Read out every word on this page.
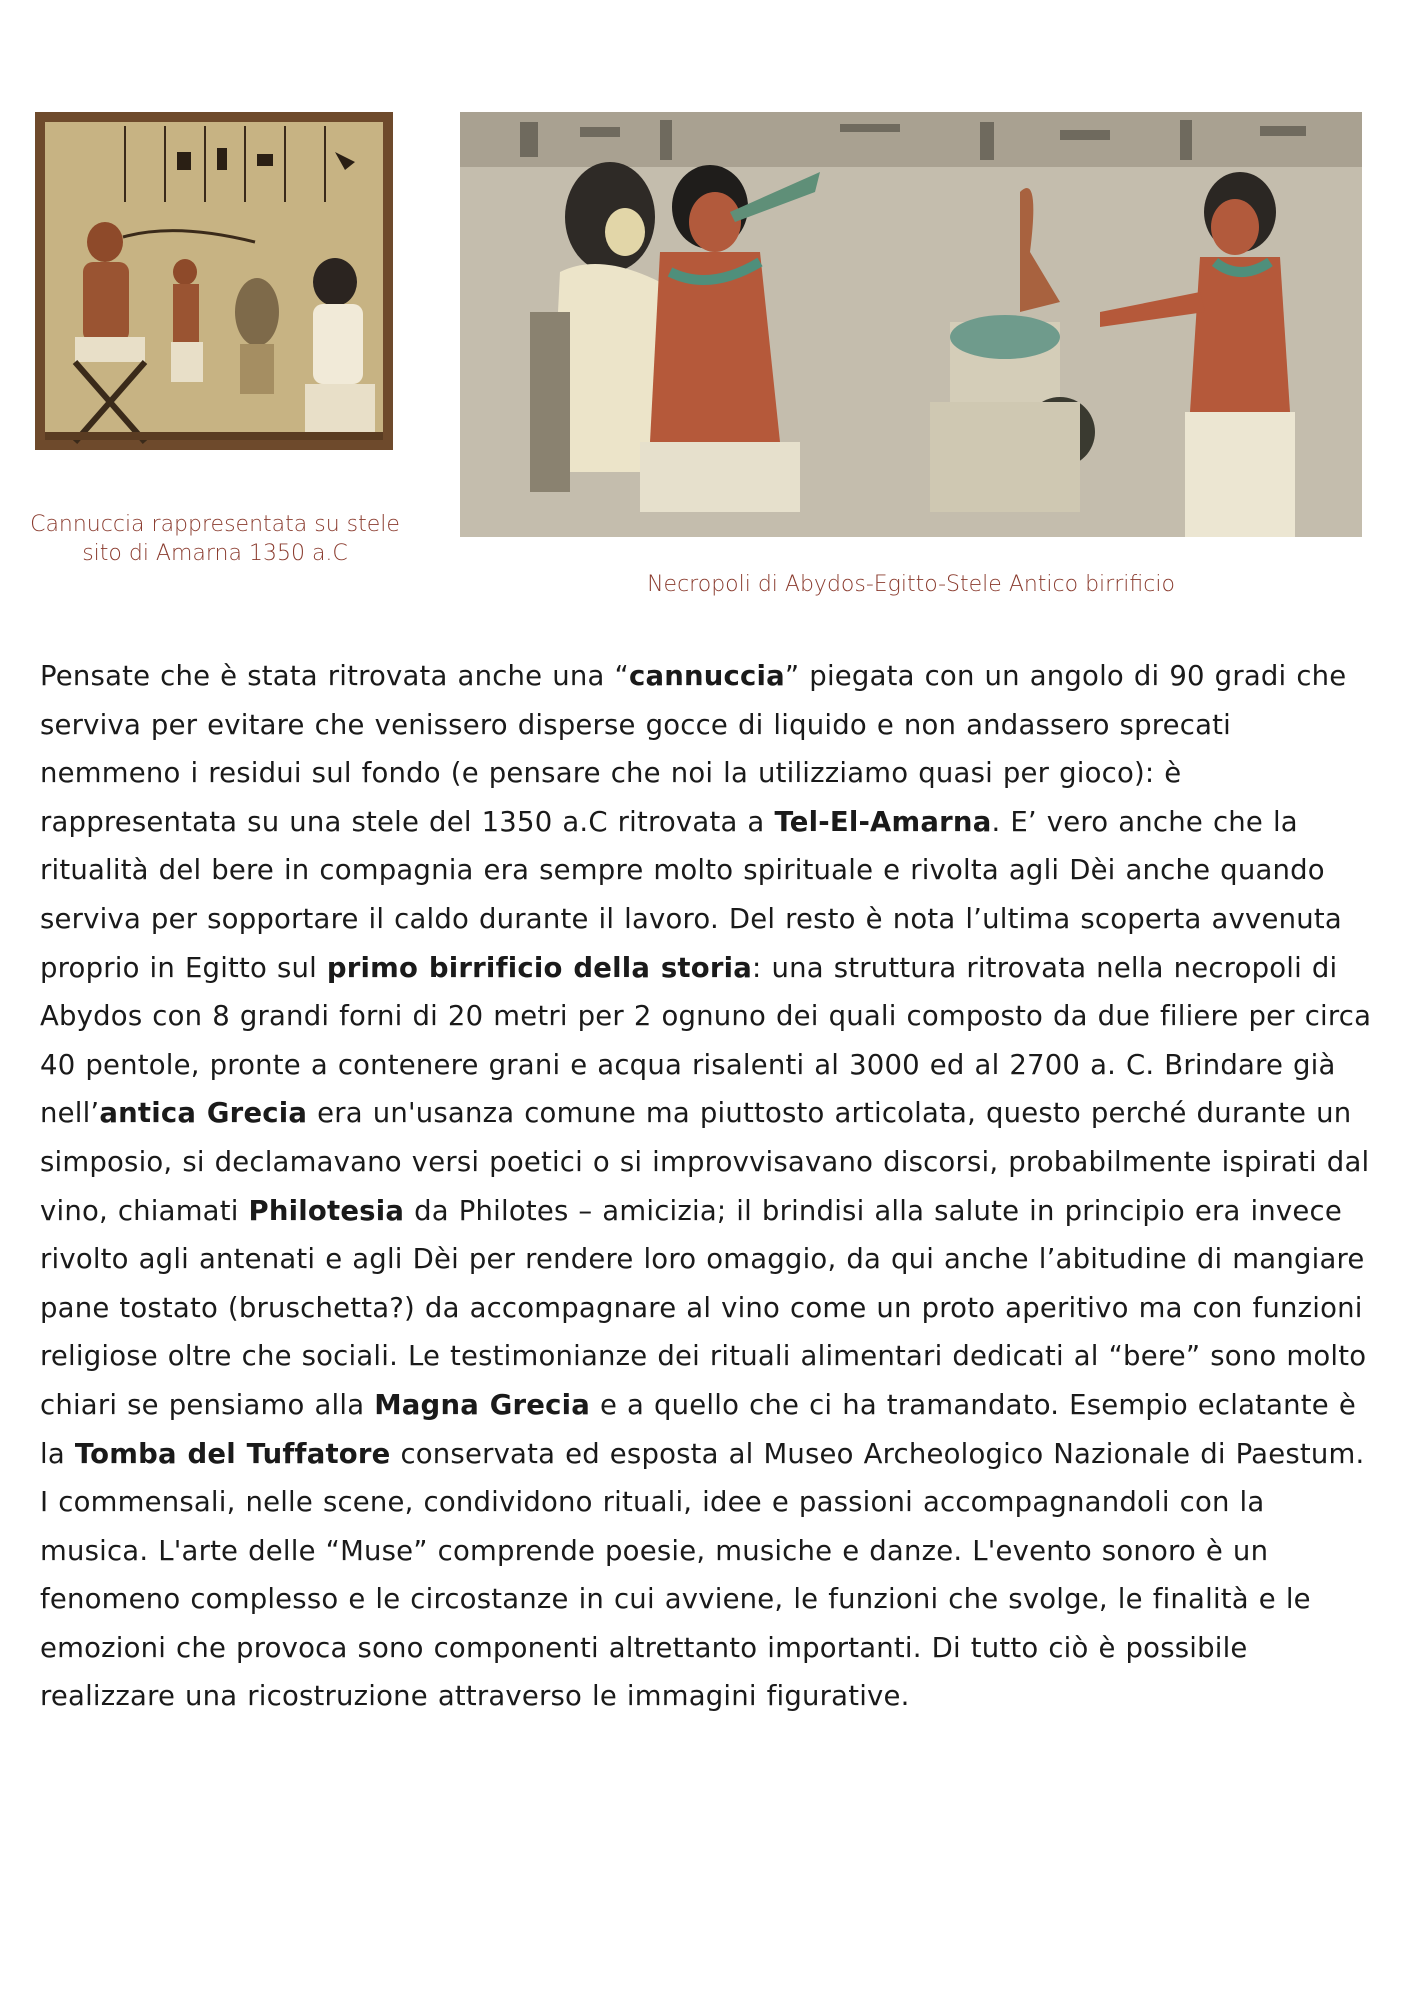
Cannuccia rappresentata su stele
sito di Amarna 1350 a.C
Necropoli di Abydos-Egitto-Stele Antico birrificio

Pensate che è stata ritrovata anche una “cannuccia” piegata con un angolo di 90 gradi che serviva per evitare che venissero disperse gocce di liquido e non andassero sprecati nemmeno i residui sul fondo (e pensare che noi la utilizziamo quasi per gioco): è rappresentata su una stele del 1350 a.C ritrovata a Tel-El-Amarna. E’ vero anche che la ritualità del bere in compagnia era sempre molto spirituale e rivolta agli Dèi anche quando serviva per sopportare il caldo durante il lavoro. Del resto è nota l’ultima scoperta avvenuta proprio in Egitto sul primo birrificio della storia: una struttura ritrovata nella necropoli di Abydos con 8 grandi forni di 20 metri per 2 ognuno dei quali composto da due filiere per circa 40 pentole, pronte a contenere grani e acqua risalenti al 3000 ed al 2700 a. C. Brindare già nell’antica Grecia era un'usanza comune ma piuttosto articolata, questo perché durante un simposio, si declamavano versi poetici o si improvvisavano discorsi, probabilmente ispirati dal vino, chiamati Philotesia da Philotes – amicizia; il brindisi alla salute in principio era invece rivolto agli antenati e agli Dèi per rendere loro omaggio, da qui anche l’abitudine di mangiare pane tostato (bruschetta?) da accompagnare al vino come un proto aperitivo ma con funzioni religiose oltre che sociali. Le testimonianze dei rituali alimentari dedicati al “bere” sono molto chiari se pensiamo alla Magna Grecia e a quello che ci ha tramandato. Esempio eclatante è la Tomba del Tuffatore conservata ed esposta al Museo Archeologico Nazionale di Paestum. I commensali, nelle scene, condividono rituali, idee e passioni accompagnandoli con la musica. L'arte delle “Muse” comprende poesie, musiche e danze. L'evento sonoro è un fenomeno complesso e le circostanze in cui avviene, le funzioni che svolge, le finalità e le emozioni che provoca sono componenti altrettanto importanti. Di tutto ciò è possibile realizzare una ricostruzione attraverso le immagini figurative.
